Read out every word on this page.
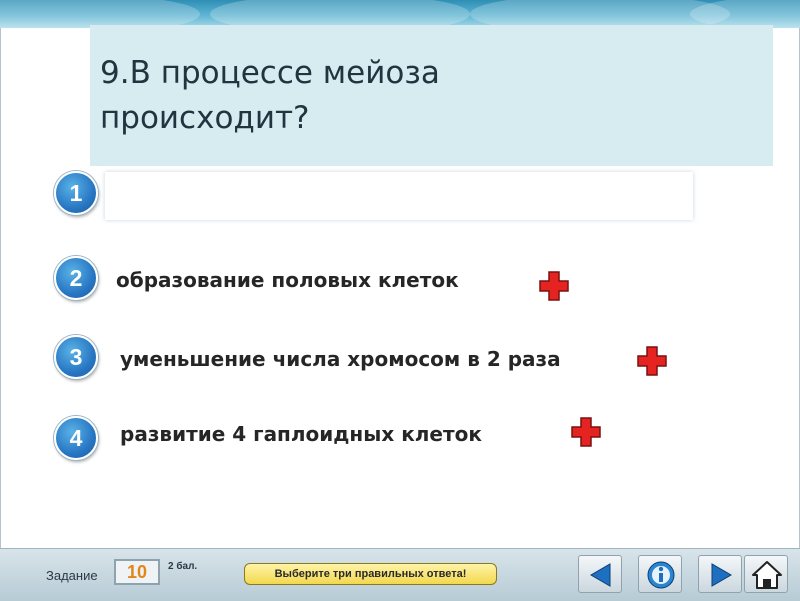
9.В процессе мейоза
происходит?
1
2	образование половых клеток
3	уменьшение числа хромосом в 2 раза
4	развитие 4 гаплоидных клеток
Задание	10	2 бал.
Выберите три правильных ответа!
